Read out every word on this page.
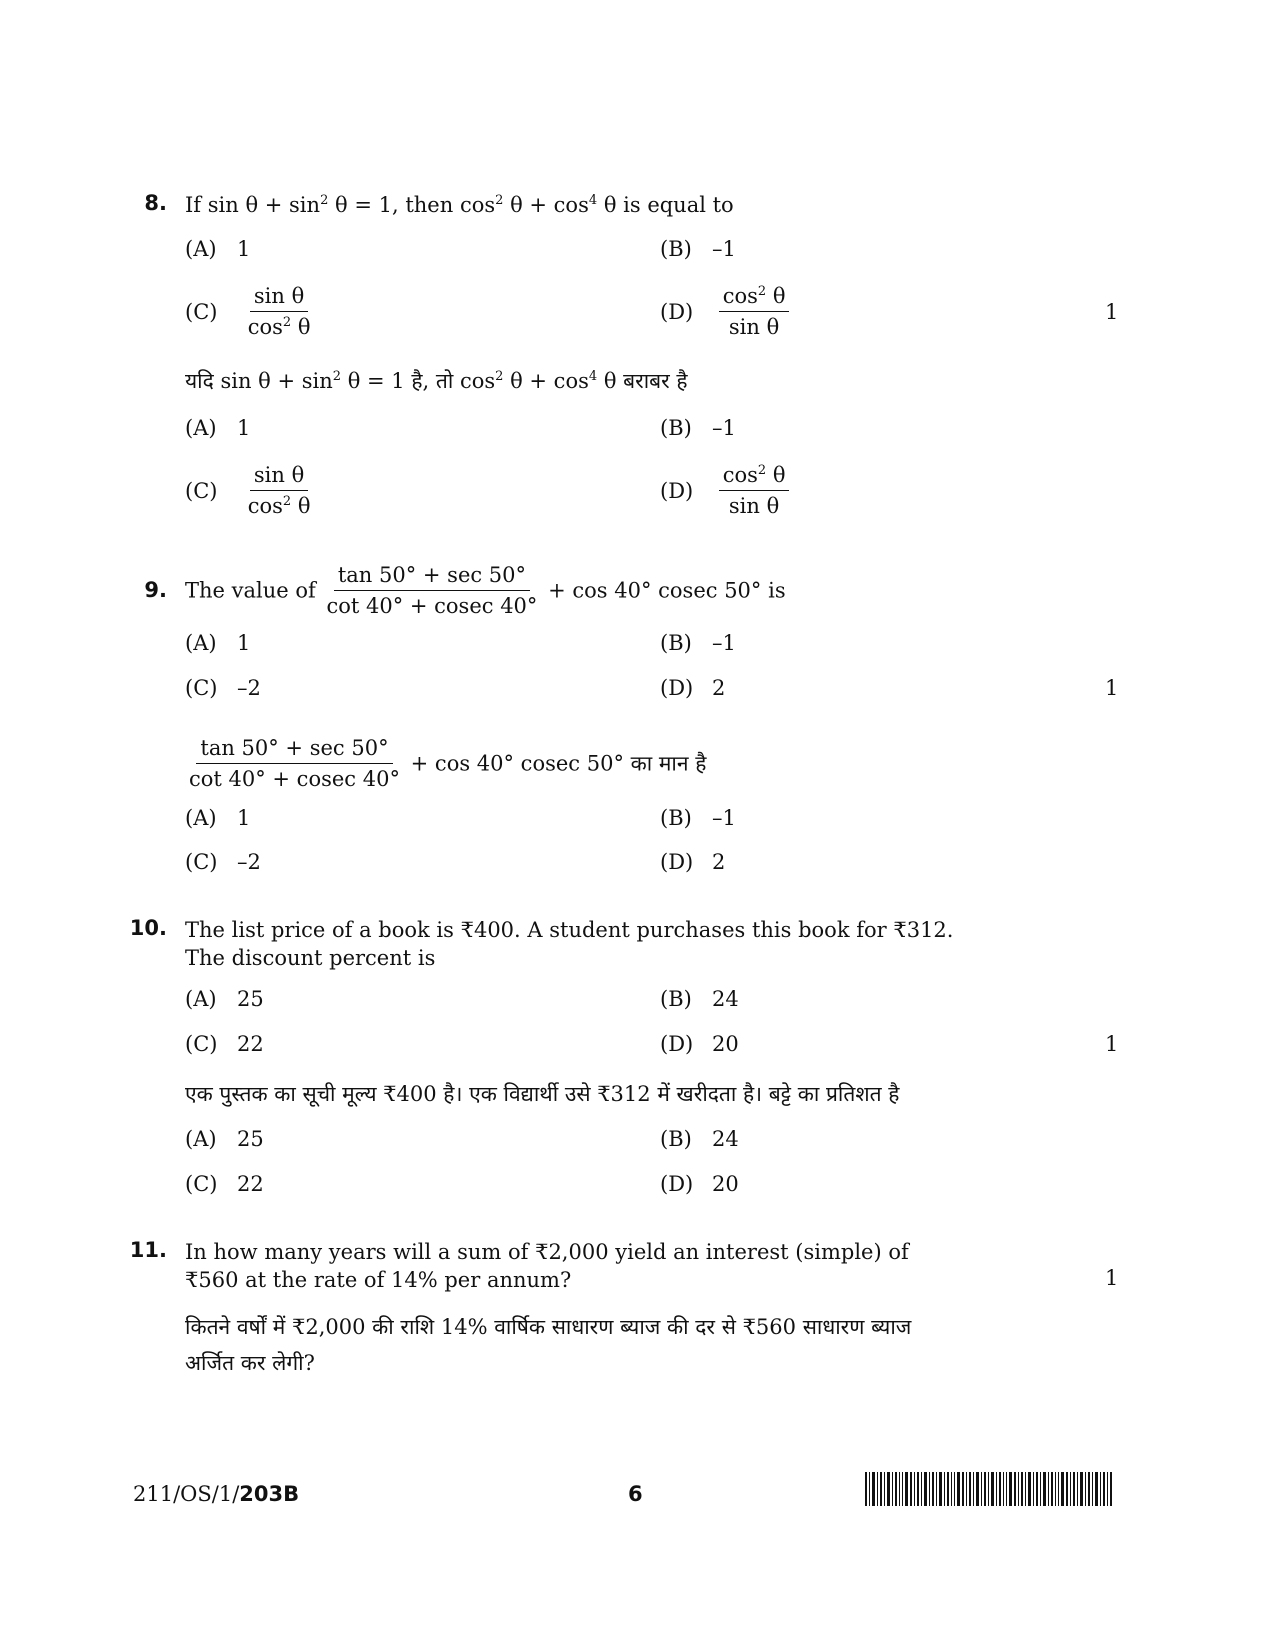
8. If $\sin \theta + \sin^2 \theta = 1$, then $\cos^2 \theta + \cos^4 \theta$ is equal to
(A) 1	(B) –1
$(C) \frac{\text{sin θ}}{\cos^2 \theta}$	$(D) \frac{\cos^2 \theta}{\text{sin θ}}$	1
यदि $\sin \theta + \sin^2 \theta = 1$ है, तो $\cos^2 \theta + \cos^4 \theta$ बराबर है
(A) 1	(B) –1
$(C) \frac{\text{sin θ}}{\cos^2 \theta}$	$(D) \frac{\cos^2 \theta}{\text{sin θ}}$
9. The value of $\frac{\tan 50^\circ + \sec 50^\circ}{\cot 40^\circ + cosec 40^\circ} + \cos 40^\circ$ cosec 50° is
(A) 1	(B) –1
(C) –2	(D) 2	1
$\frac{\tan 50^\circ + \sec 50^\circ}{\cot 40^\circ + cosec 40^\circ} + \cos 40^\circ$ cosec 50° का मान है
(A) 1	(B) –1
(C) –2	(D) 2
10. The list price of a book is ₹400. A student purchases this book for ₹312.
The discount percent is
(A) 25	(B) 24
(C) 22	(D) 20	1
एक पुस्तक का सूची मूल्य ₹400 है। एक विद्यार्थी उसे ₹312 में खरीदता है। बट्टे का प्रतिशत है
(A) 25	(B) 24
(C) 22	(D) 20
11. In how many years will a sum of ₹2,000 yield an interest (simple) of
₹560 at the rate of 14% per annum?	1
कितने वर्षों में ₹2,000 की राशि 14% वार्षिक साधारण ब्याज की दर से ₹560 साधारण ब्याज
अर्जित कर लेगी?
211/OS/1/203B	6
